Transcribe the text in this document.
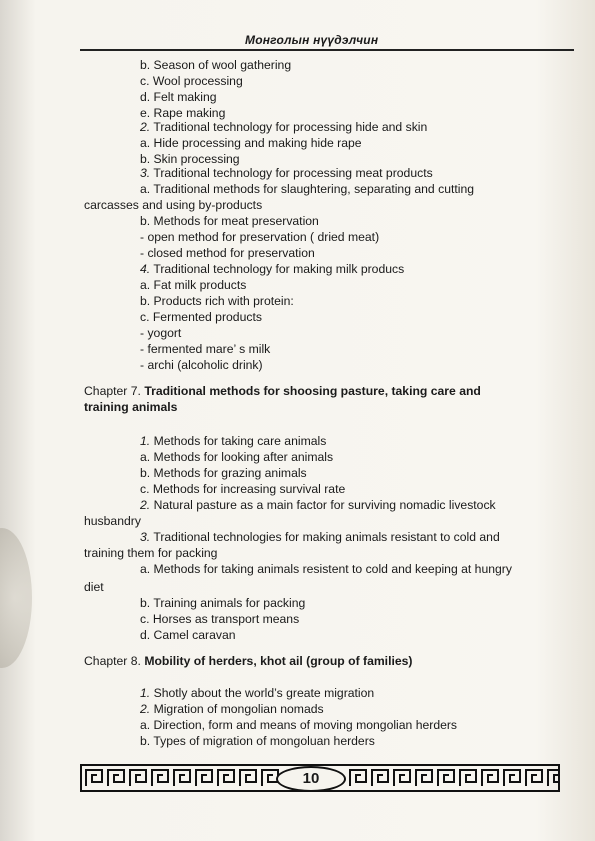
Монголын нүүдэлчин
b. Season of wool gathering
c. Wool processing
d. Felt making
e. Rape making
2. Traditional technology for processing hide and skin
a. Hide processing and making hide rape
b. Skin processing
3. Traditional technology for processing meat products
a. Traditional methods for slaughtering, separating and cutting
carcasses and using by-products
b. Methods for meat preservation
- open method for preservation ( dried meat)
- closed method for preservation
4. Traditional technology for making milk producs
a. Fat milk products
b. Products rich with protein:
c. Fermented products
- yogort
- fermented mare’ s milk
- archi (alcoholic drink)
Chapter 7. Traditional methods for shoosing pasture, taking care and
training animals
1. Methods for taking care animals
a. Methods for looking after animals
b. Methods for grazing animals
c. Methods for increasing survival rate
2. Natural pasture as a main factor for surviving nomadic livestock
husbandry
3. Traditional technologies for making animals resistant to cold and
training them for packing
a. Methods for taking animals resistent to cold and keeping at hungry
diet
b. Training animals for packing
c. Horses as transport means
d. Camel caravan
Chapter 8. Mobility of herders, khot ail (group of families)
1. Shotly about the world’s greate migration
2. Migration of mongolian nomads
a. Direction, form and means of moving mongolian herders
b. Types of migration of mongoluan herders
10
